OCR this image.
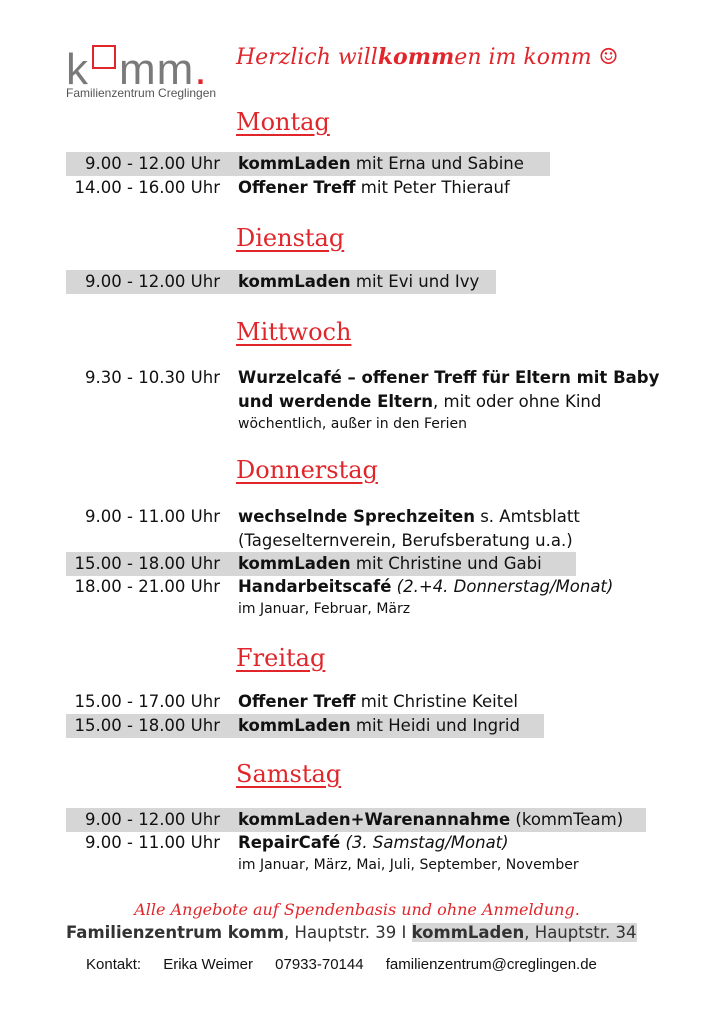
k mm.
Familienzentrum Creglingen
Herzlich willkommen im komm ☺
Montag
9.00 - 12.00 Uhr kommLaden mit Erna und Sabine
14.00 - 16.00 Uhr Offener Treff mit Peter Thierauf
Dienstag
9.00 - 12.00 Uhr kommLaden mit Evi und Ivy
Mittwoch
9.30 - 10.30 Uhr Wurzelcafé – offener Treff für Eltern mit Baby
und werdende Eltern, mit oder ohne Kind
wöchentlich, außer in den Ferien
Donnerstag
9.00 - 11.00 Uhr wechselnde Sprechzeiten s. Amtsblatt
(Tageselternverein, Berufsberatung u.a.)
15.00 - 18.00 Uhr kommLaden mit Christine und Gabi
18.00 - 21.00 Uhr Handarbeitscafé (2.+4. Donnerstag/Monat)
im Januar, Februar, März
Freitag
15.00 - 17.00 Uhr Offener Treff mit Christine Keitel
15.00 - 18.00 Uhr kommLaden mit Heidi und Ingrid
Samstag
9.00 - 12.00 Uhr kommLaden+Warenannahme (kommTeam)
9.00 - 11.00 Uhr RepairCafé (3. Samstag/Monat)
im Januar, März, Mai, Juli, September, November
Alle Angebote auf Spendenbasis und ohne Anmeldung.
Familienzentrum komm, Hauptstr. 39 I kommLaden, Hauptstr. 34
Kontakt: Erika Weimer 07933-70144 familienzentrum@creglingen.de
